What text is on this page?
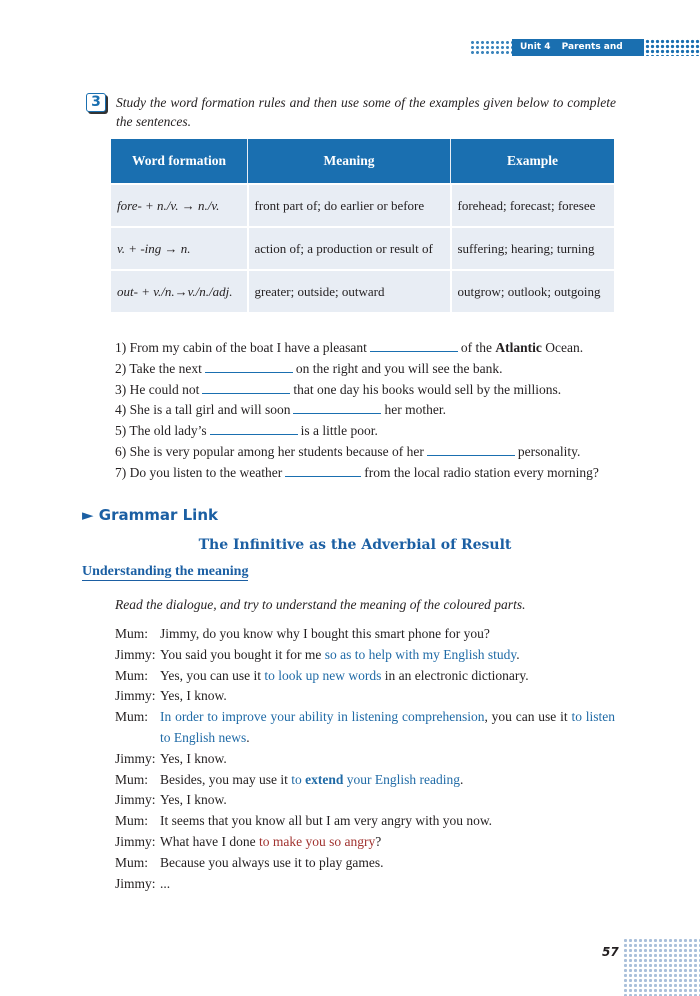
Unit 4 Parents and Children
3	Study the word formation rules and then use some of the examples given below to complete the sentences.
Word formation	Meaning	Example
fore- + n./v. → n./v.	front part of; do earlier or before	forehead; forecast; foresee
v. + -ing → n.	action of; a production or result of	suffering; hearing; turning
out- + v./n.→v./n./adj.	greater; outside; outward	outgrow; outlook; outgoing
1) From my cabin of the boat I have a pleasant	of the Atlantic Ocean.
2) Take the next	on the right and you will see the bank.
3) He could not	that one day his books would sell by the millions.
4) She is a tall girl and will soon	her mother.
5) The old lady’s	is a little poor.
6) She is very popular among her students because of her	personality.
7) Do you listen to the weather	from the local radio station every morning?
► Grammar Link
The Infinitive as the Adverbial of Result
Understanding the meaning
Read the dialogue, and try to understand the meaning of the coloured parts.
Mum: Jimmy, do you know why I bought this smart phone for you?
Jimmy: You said you bought it for me so as to help with my English study.
Mum: Yes, you can use it to look up new words in an electronic dictionary.
Jimmy: Yes, I know.
Mum: In order to improve your ability in listening comprehension, you can use it to listen to English news.
Jimmy: Yes, I know.
Mum: Besides, you may use it to extend your English reading.
Jimmy: Yes, I know.
Mum: It seems that you know all but I am very angry with you now.
Jimmy: What have I done to make you so angry?
Mum: Because you always use it to play games.
Jimmy: ...
57
